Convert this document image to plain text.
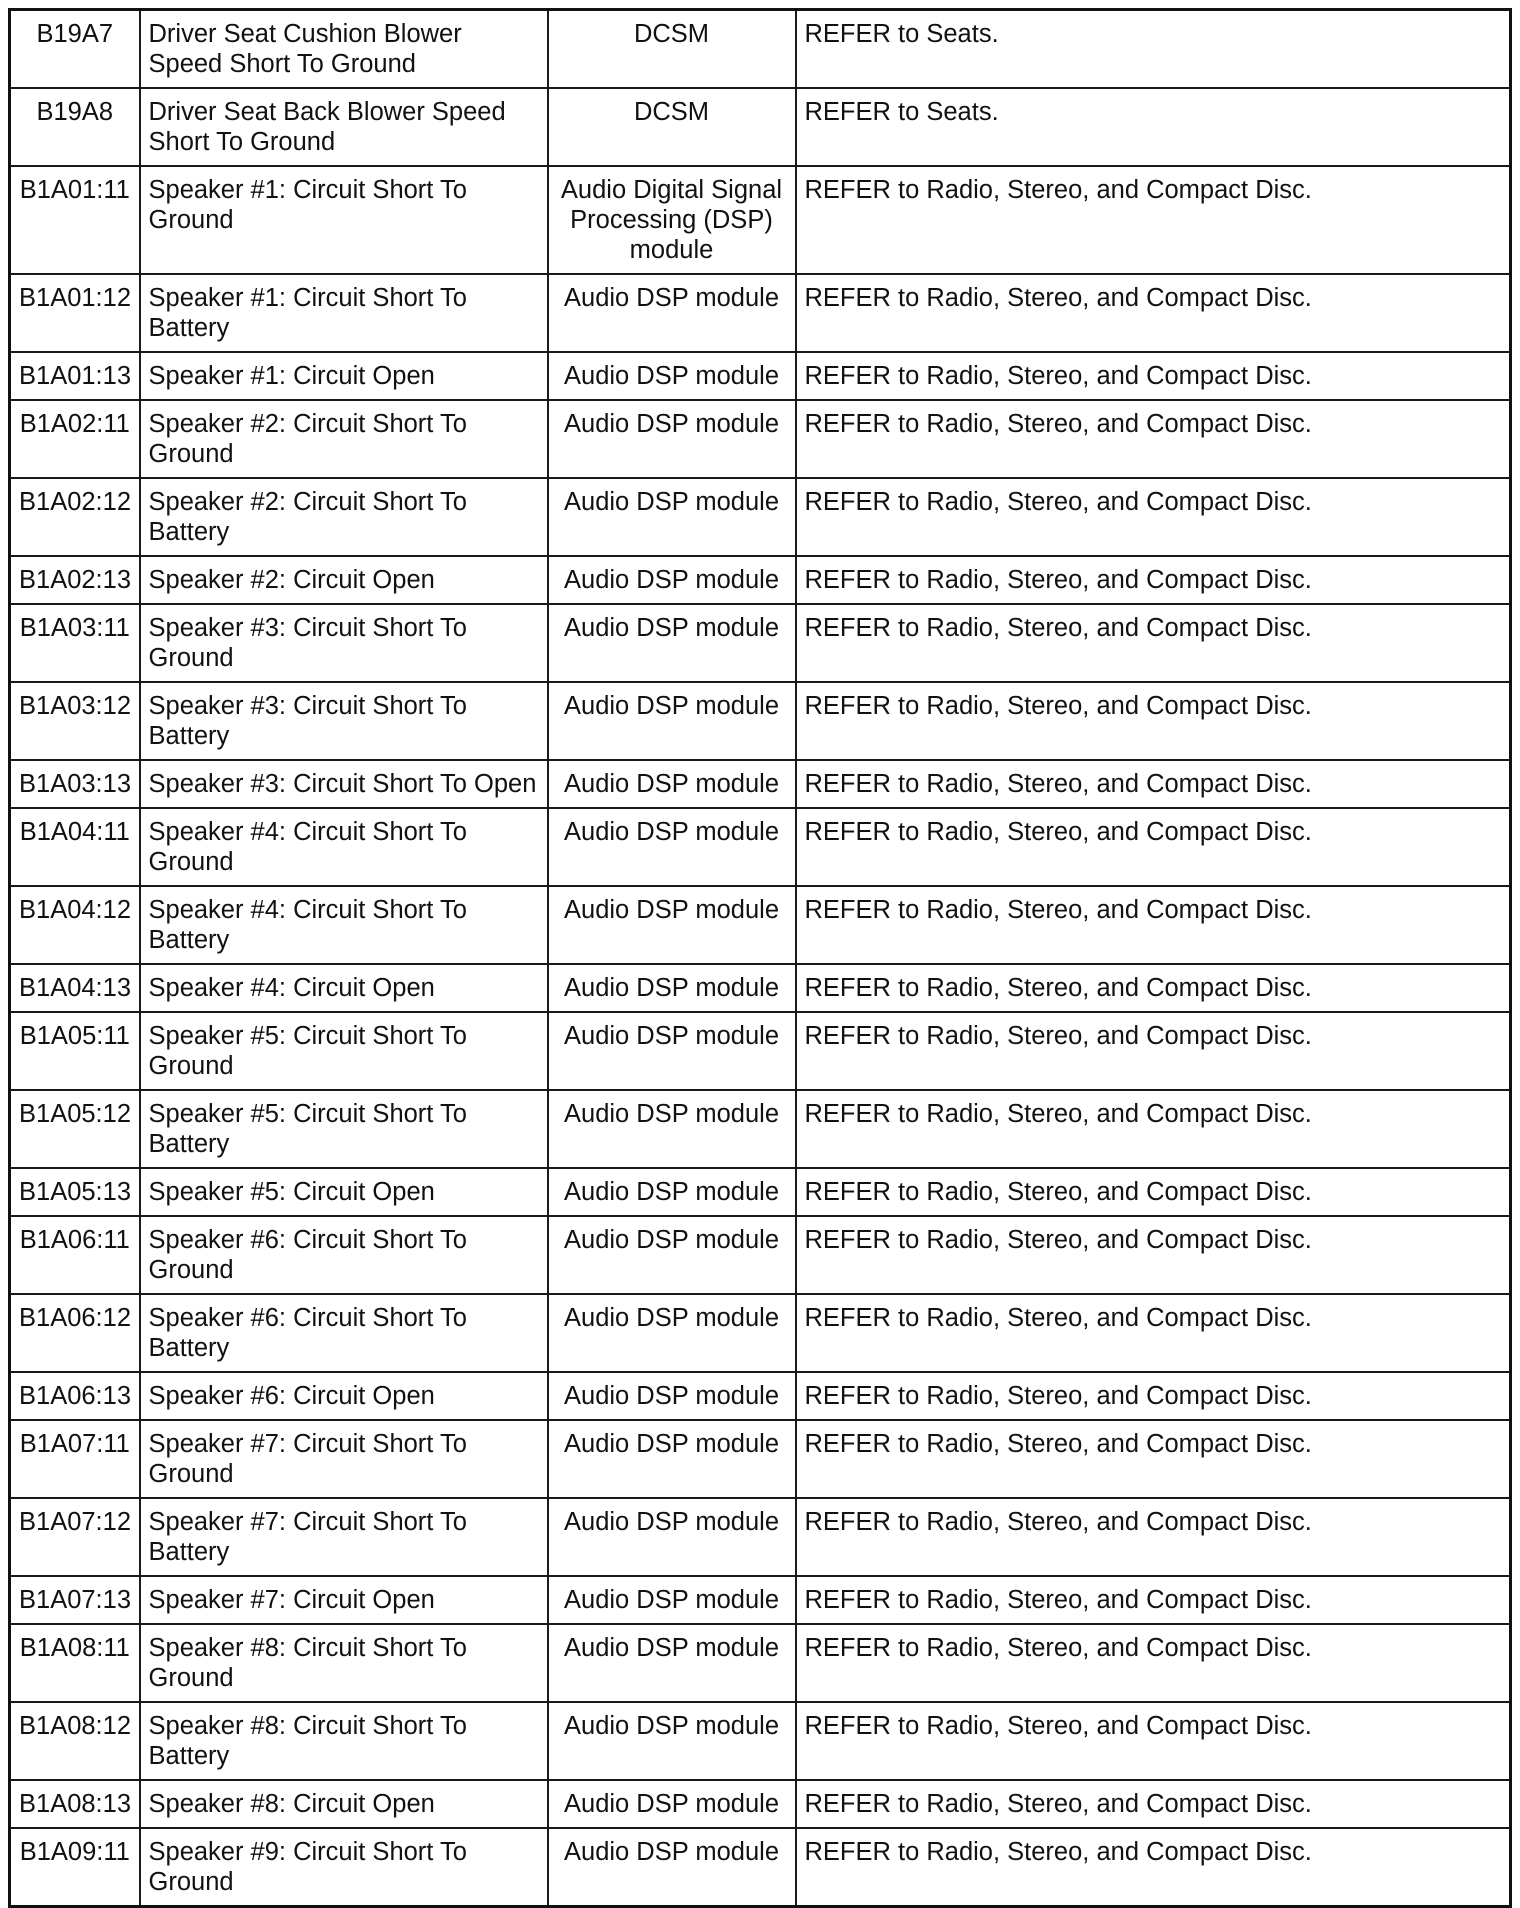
B19A7	Driver Seat Cushion Blower Speed Short To Ground	DCSM	REFER to Seats.
B19A8	Driver Seat Back Blower Speed Short To Ground	DCSM	REFER to Seats.
B1A01:11	Speaker #1: Circuit Short To Ground	Audio Digital Signal Processing (DSP) module	REFER to Radio, Stereo, and Compact Disc.
B1A01:12	Speaker #1: Circuit Short To Battery	Audio DSP module	REFER to Radio, Stereo, and Compact Disc.
B1A01:13	Speaker #1: Circuit Open	Audio DSP module	REFER to Radio, Stereo, and Compact Disc.
B1A02:11	Speaker #2: Circuit Short To Ground	Audio DSP module	REFER to Radio, Stereo, and Compact Disc.
B1A02:12	Speaker #2: Circuit Short To Battery	Audio DSP module	REFER to Radio, Stereo, and Compact Disc.
B1A02:13	Speaker #2: Circuit Open	Audio DSP module	REFER to Radio, Stereo, and Compact Disc.
B1A03:11	Speaker #3: Circuit Short To Ground	Audio DSP module	REFER to Radio, Stereo, and Compact Disc.
B1A03:12	Speaker #3: Circuit Short To Battery	Audio DSP module	REFER to Radio, Stereo, and Compact Disc.
B1A03:13	Speaker #3: Circuit Short To Open	Audio DSP module	REFER to Radio, Stereo, and Compact Disc.
B1A04:11	Speaker #4: Circuit Short To Ground	Audio DSP module	REFER to Radio, Stereo, and Compact Disc.
B1A04:12	Speaker #4: Circuit Short To Battery	Audio DSP module	REFER to Radio, Stereo, and Compact Disc.
B1A04:13	Speaker #4: Circuit Open	Audio DSP module	REFER to Radio, Stereo, and Compact Disc.
B1A05:11	Speaker #5: Circuit Short To Ground	Audio DSP module	REFER to Radio, Stereo, and Compact Disc.
B1A05:12	Speaker #5: Circuit Short To Battery	Audio DSP module	REFER to Radio, Stereo, and Compact Disc.
B1A05:13	Speaker #5: Circuit Open	Audio DSP module	REFER to Radio, Stereo, and Compact Disc.
B1A06:11	Speaker #6: Circuit Short To Ground	Audio DSP module	REFER to Radio, Stereo, and Compact Disc.
B1A06:12	Speaker #6: Circuit Short To Battery	Audio DSP module	REFER to Radio, Stereo, and Compact Disc.
B1A06:13	Speaker #6: Circuit Open	Audio DSP module	REFER to Radio, Stereo, and Compact Disc.
B1A07:11	Speaker #7: Circuit Short To Ground	Audio DSP module	REFER to Radio, Stereo, and Compact Disc.
B1A07:12	Speaker #7: Circuit Short To Battery	Audio DSP module	REFER to Radio, Stereo, and Compact Disc.
B1A07:13	Speaker #7: Circuit Open	Audio DSP module	REFER to Radio, Stereo, and Compact Disc.
B1A08:11	Speaker #8: Circuit Short To Ground	Audio DSP module	REFER to Radio, Stereo, and Compact Disc.
B1A08:12	Speaker #8: Circuit Short To Battery	Audio DSP module	REFER to Radio, Stereo, and Compact Disc.
B1A08:13	Speaker #8: Circuit Open	Audio DSP module	REFER to Radio, Stereo, and Compact Disc.
B1A09:11	Speaker #9: Circuit Short To Ground	Audio DSP module	REFER to Radio, Stereo, and Compact Disc.
